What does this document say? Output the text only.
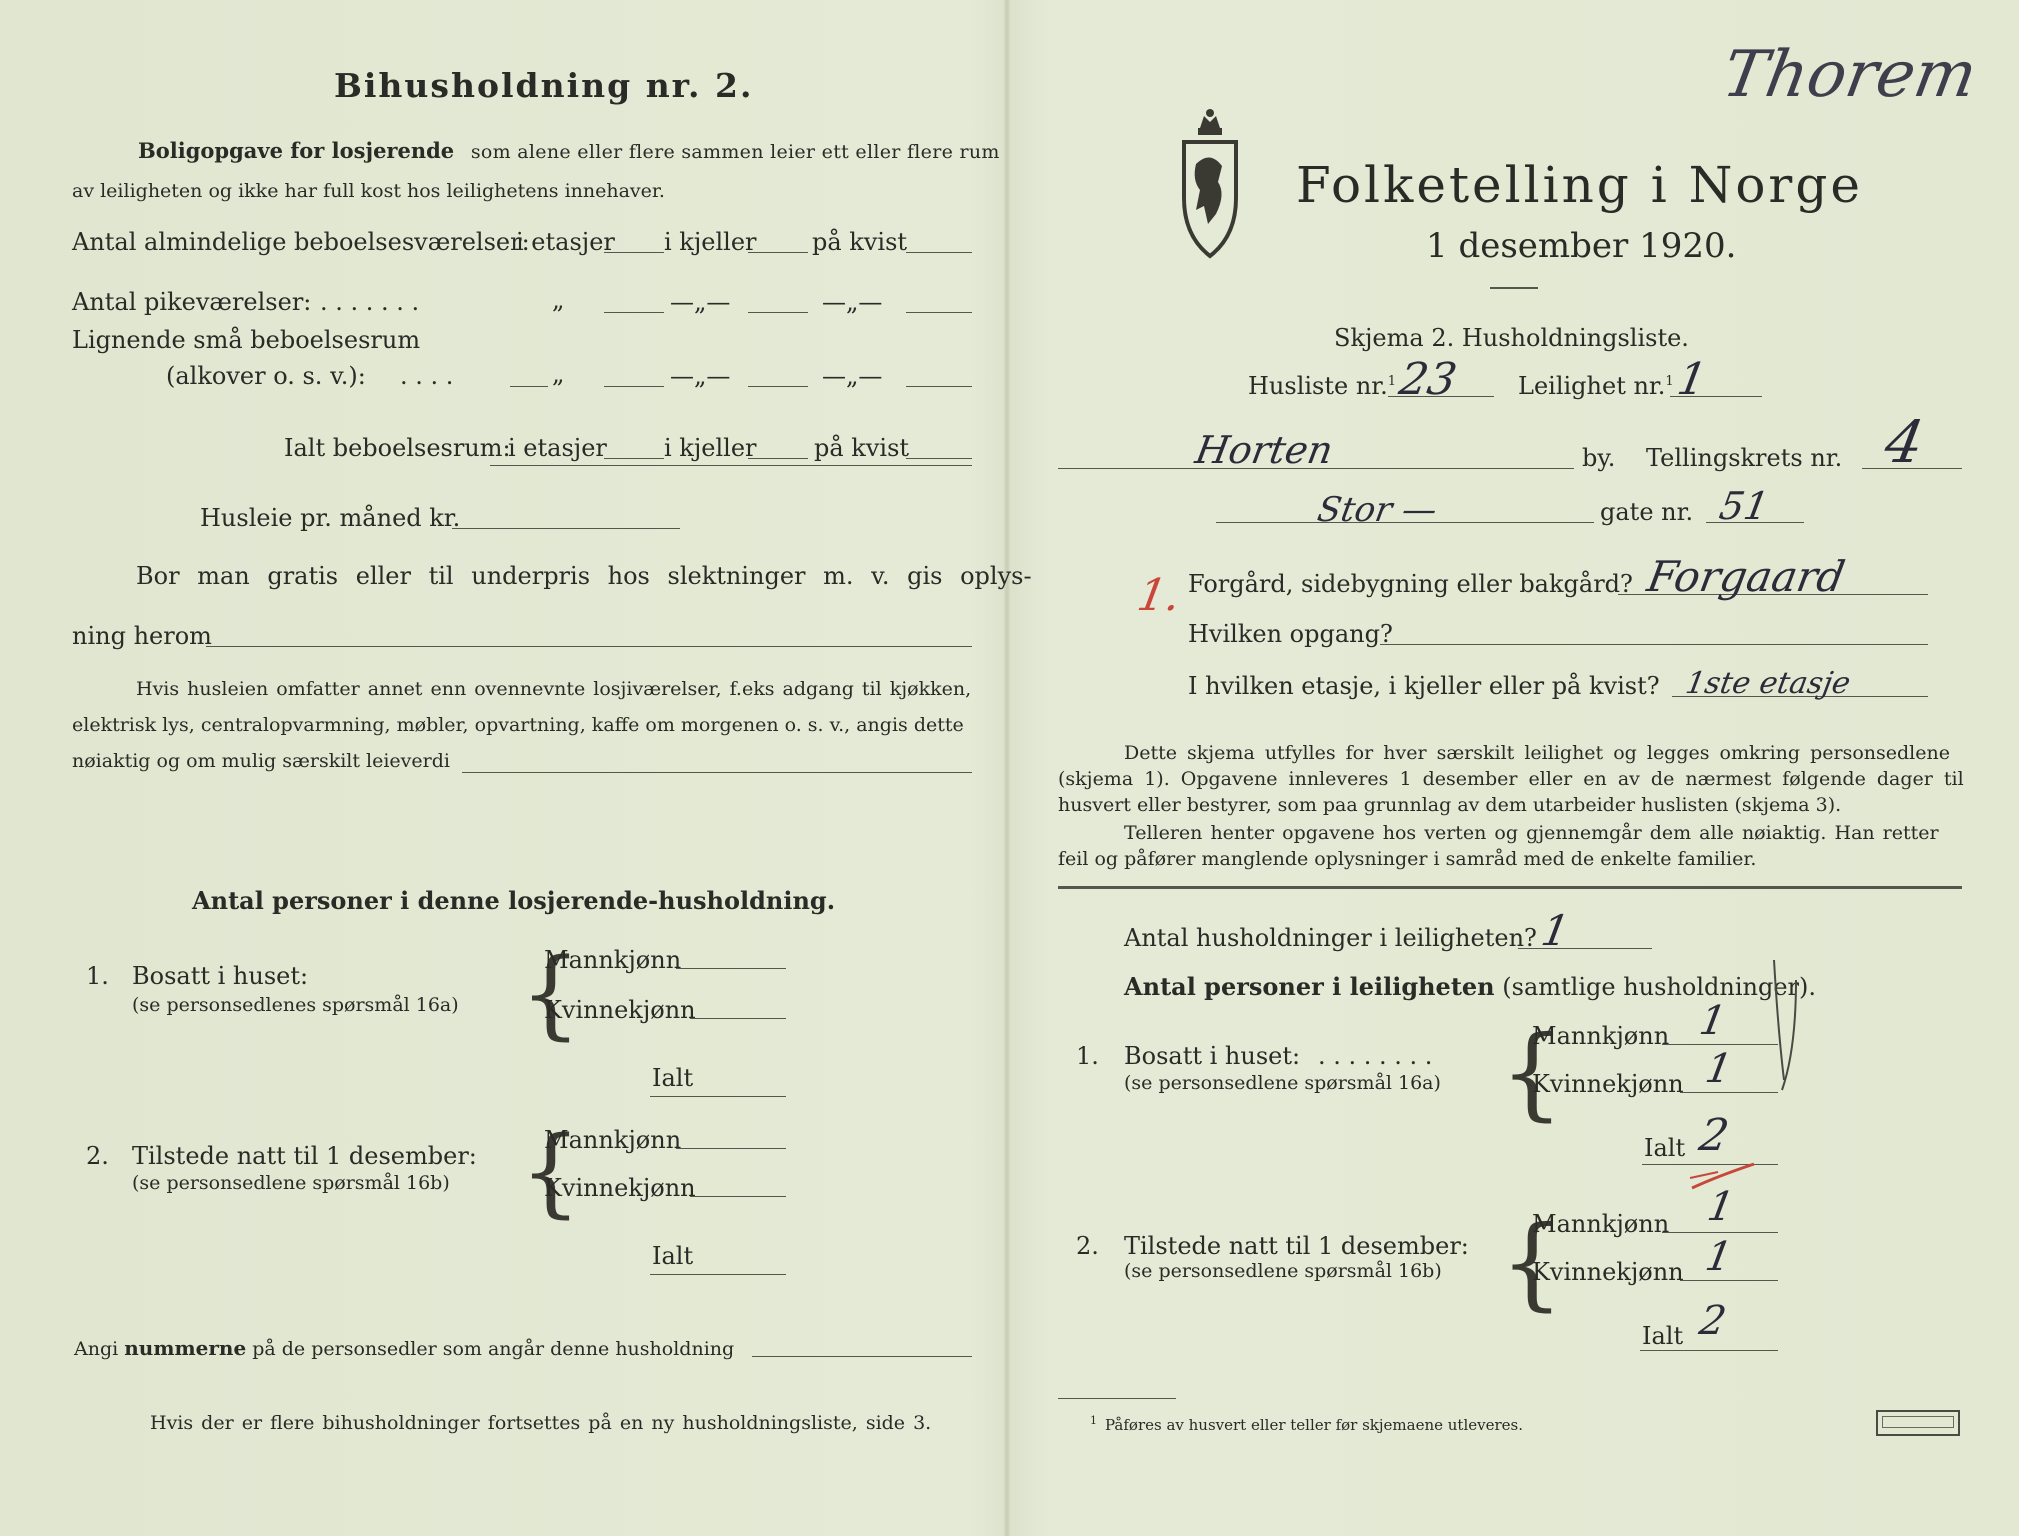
Bihusholdning nr. 2.
Boligopgave for losjerende som alene eller flere sammen leier ett eller flere rum
av leiligheten og ikke har full kost hos leilighetens innehaver.
Antal almindelige beboelsesværelser:
i etasjer i kjeller på kvist
Antal pikeværelser: . . . . . . .	„	—„—	—„—
Lignende små beboelsesrum
(alkover o. s. v.): . . . .	„	—„—	—„—
Ialt beboelsesrum:
i etasjer i kjeller på kvist
Husleie pr. måned kr.
Bor man gratis eller til underpris hos slektninger m. v. gis oplys-
ning herom
Hvis husleien omfatter annet enn ovennevnte losjiværelser, f.eks adgang til kjøkken,
elektrisk lys, centralopvarmning, møbler, opvartning, kaffe om morgenen o. s. v., angis dette
nøiaktig og om mulig særskilt leieverdi
Antal personer i denne losjerende-husholdning.
1. Bosatt i huset:
(se personsedlenes spørsmål 16a) {
Mannkjønn
Kvinnekjønn
Ialt
2. Tilstede natt til 1 desember:
(se personsedlene spørsmål 16b) {
Mannkjønn
Kvinnekjønn
Ialt
Angi nummerne på de personsedler som angår denne husholdning
Hvis der er flere bihusholdninger fortsettes på en ny husholdningsliste, side 3.
Folketelling i Norge
1 desember 1920.
Skjema 2. Husholdningsliste.
Husliste nr.$^1$ 23 Leilighet nr.$^1$ 1
Horten	by. Tellingskrets nr. 4
Stor —	gate nr. 51
1. Forgård, sidebygning eller bakgård? Forgaard
Hvilken opgang?
I hvilken etasje, i kjeller eller på kvist? 1ste etasje
Dette skjema utfylles for hver særskilt leilighet og legges omkring personsedlene
(skjema 1). Opgavene innleveres 1 desember eller en av de nærmest følgende dager til
husvert eller bestyrer, som paa grunnlag av dem utarbeider huslisten (skjema 3).
Telleren henter opgavene hos verten og gjennemgår dem alle nøiaktig. Han retter
feil og påfører manglende oplysninger i samråd med de enkelte familier.
Antal husholdninger i leiligheten? 1
Antal personer i leiligheten (samtlige husholdninger).
1. Bosatt i huset: . . . . . . . .
(se personsedlene spørsmål 16a) {
Mannkjønn 1
Kvinnekjønn 1
Ialt 2
2. Tilstede natt til 1 desember:
(se personsedlene spørsmål 16b) {
Mannkjønn 1
Kvinnekjønn 1
Ialt 2
$^1$ Påføres av husvert eller teller før skjemaene utleveres.
Thorem
